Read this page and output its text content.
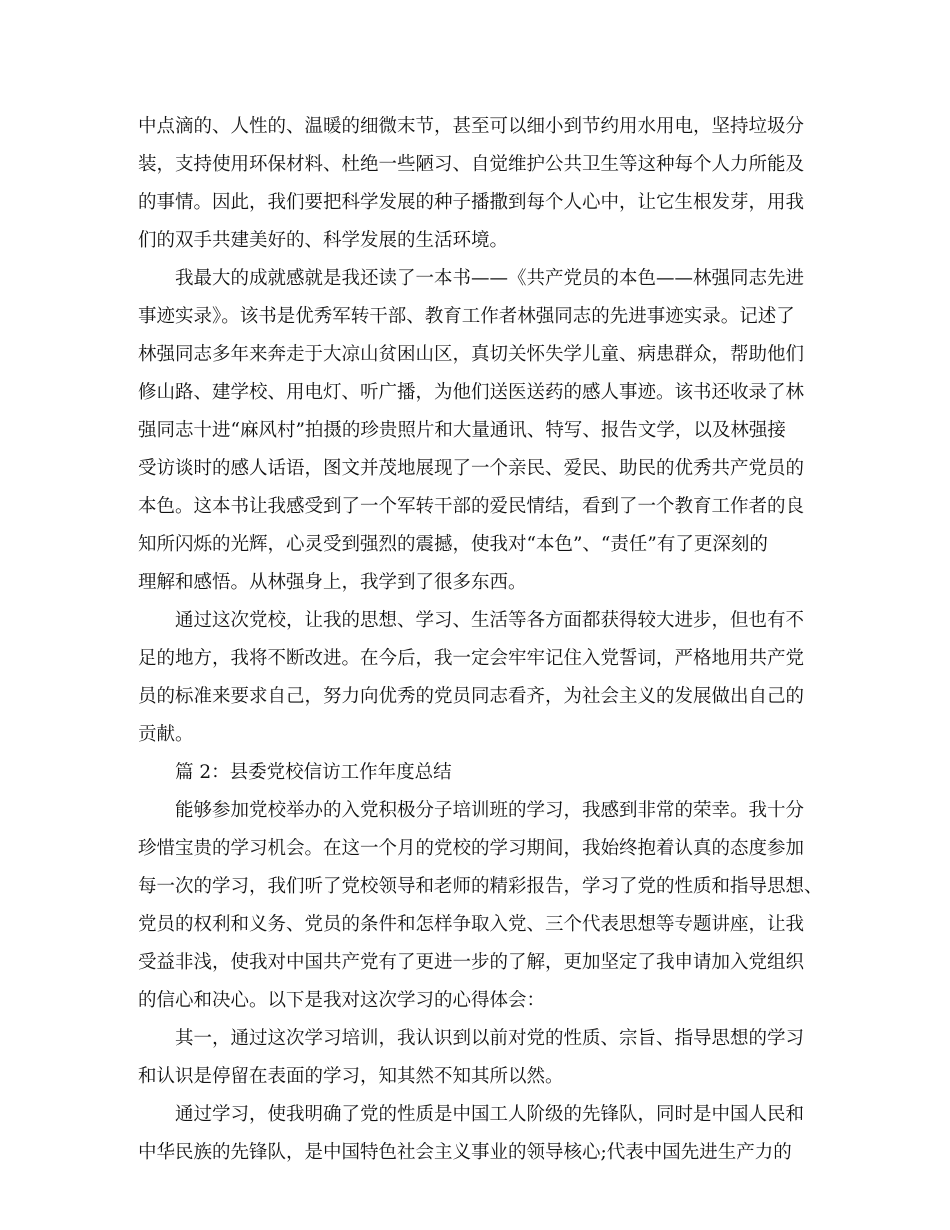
中点滴的、人性的、温暖的细微末节，甚至可以细小到节约用水用电，坚持垃圾分
装，支持使用环保材料、杜绝一些陋习、自觉维护公共卫生等这种每个人力所能及
的事情。因此，我们要把科学发展的种子播撒到每个人心中，让它生根发芽，用我
们的双手共建美好的、科学发展的生活环境。
我最大的成就感就是我还读了一本书——《共产党员的本色——林强同志先进
事迹实录》。该书是优秀军转干部、教育工作者林强同志的先进事迹实录。记述了
林强同志多年来奔走于大凉山贫困山区，真切关怀失学儿童、病患群众，帮助他们
修山路、建学校、用电灯、听广播，为他们送医送药的感人事迹。该书还收录了林
强同志十进“麻风村”拍摄的珍贵照片和大量通讯、特写、报告文学，以及林强接
受访谈时的感人话语，图文并茂地展现了一个亲民、爱民、助民的优秀共产党员的
本色。这本书让我感受到了一个军转干部的爱民情结，看到了一个教育工作者的良
知所闪烁的光辉，心灵受到强烈的震撼，使我对“本色”、“责任”有了更深刻的
理解和感悟。从林强身上，我学到了很多东西。
通过这次党校，让我的思想、学习、生活等各方面都获得较大进步，但也有不
足的地方，我将不断改进。在今后，我一定会牢牢记住入党誓词，严格地用共产党
员的标准来要求自己，努力向优秀的党员同志看齐，为社会主义的发展做出自己的
贡献。
篇 2：县委党校信访工作年度总结
能够参加党校举办的入党积极分子培训班的学习，我感到非常的荣幸。我十分
珍惜宝贵的学习机会。在这一个月的党校的学习期间，我始终抱着认真的态度参加
每一次的学习，我们听了党校领导和老师的精彩报告，学习了党的性质和指导思想、
党员的权利和义务、党员的条件和怎样争取入党、三个代表思想等专题讲座，让我
受益非浅，使我对中国共产党有了更进一步的了解，更加坚定了我申请加入党组织
的信心和决心。以下是我对这次学习的心得体会：
其一，通过这次学习培训，我认识到以前对党的性质、宗旨、指导思想的学习
和认识是停留在表面的学习，知其然不知其所以然。
通过学习，使我明确了党的性质是中国工人阶级的先锋队，同时是中国人民和
中华民族的先锋队，是中国特色社会主义事业的领导核心;代表中国先进生产力的
